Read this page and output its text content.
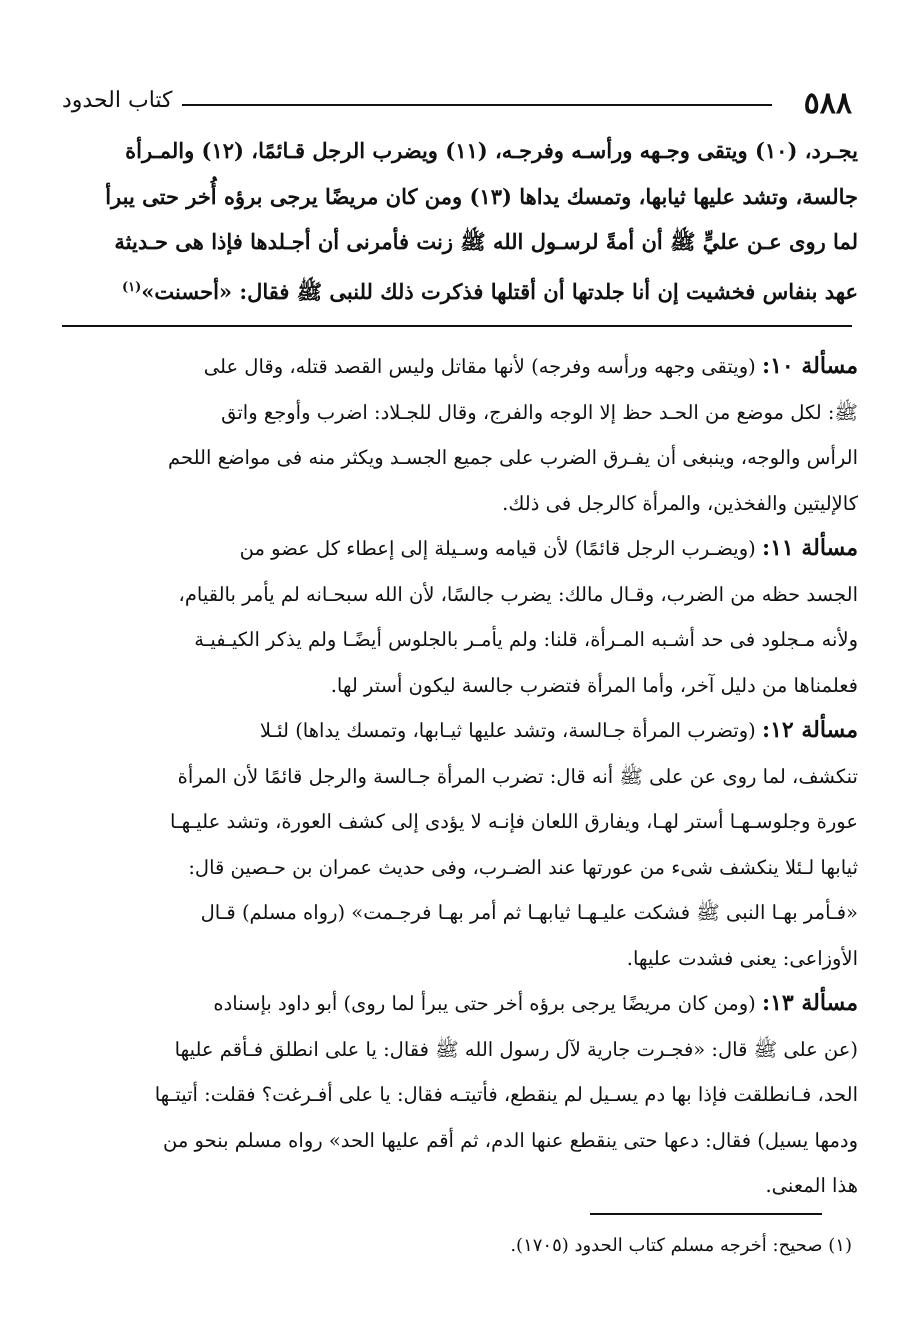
٥٨٨
كتاب الحدود
يجـرد، (١٠) ويتقى وجـهه ورأسـه وفرجـه، (١١) ويضرب الرجل قـائمًا، (١٢) والمـرأة
جالسة، وتشد عليها ثيابها، وتمسك يداها (١٣) ومن كان مريضًا يرجى برؤه أُخر حتى يبرأ
لما روى عـن عليٍّ ﷺ أن أمةً لرسـول الله ﷺ زنت فأمرنى أن أجـلدها فإذا هى حـديثة
عهد بنفاس فخشيت إن أنا جلدتها أن أقتلها فذكرت ذلك للنبى ﷺ فقال: «أحسنت»$^{(١)}$
مسألة ١٠: (ويتقى وجهه ورأسه وفرجه) لأنها مقاتل وليس القصد قتله، وقال على
ﷺ: لكل موضع من الحـد حظ إلا الوجه والفرج، وقال للجـلاد: اضرب وأوجع واتق
الرأس والوجه، وينبغى أن يفـرق الضرب على جميع الجسـد ويكثر منه فى مواضع اللحم
كالإليتين والفخذين، والمرأة كالرجل فى ذلك.
مسألة ١١: (ويضـرب الرجل قائمًا) لأن قيامه وسـيلة إلى إعطاء كل عضو من
الجسد حظه من الضرب، وقـال مالك: يضرب جالسًا، لأن الله سبحـانه لم يأمر بالقيام،
ولأنه مـجلود فى حد أشـبه المـرأة، قلنا: ولم يأمـر بالجلوس أيضًـا ولم يذكر الكيـفيـة
فعلمناها من دليل آخر، وأما المرأة فتضرب جالسة ليكون أستر لها.
مسألة ١٢: (وتضرب المرأة جـالسة، وتشد عليها ثيـابها، وتمسك يداها) لئـلا
تنكشف، لما روى عن على ﷺ أنه قال: تضرب المرأة جـالسة والرجل قائمًا لأن المرأة
عورة وجلوسـهـا أستر لهـا، ويفارق اللعان فإنـه لا يؤدى إلى كشف العورة، وتشد عليـهـا
ثيابها لـئلا ينكشف شىء من عورتها عند الضـرب، وفى حديث عمران بن حـصين قال:
«فـأمر بهـا النبى ﷺ فشكت عليـهـا ثيابهـا ثم أمر بهـا فرجـمت» (رواه مسلم) قـال
الأوزاعى: يعنى فشدت عليها.
مسألة ١٣: (ومن كان مريضًا يرجى برؤه أخر حتى يبرأ لما روى) أبو داود بإسناده
(عن على ﷺ قال: «فجـرت جارية لآل رسول الله ﷺ فقال: يا على انطلق فـأقم عليها
الحد، فـانطلقت فإذا بها دم يسـيل لم ينقطع، فأتيتـه فقال: يا على أفـرغت؟ فقلت: أتيتـها
ودمها يسيل) فقال: دعها حتى ينقطع عنها الدم، ثم أقم عليها الحد» رواه مسلم بنحو من
هذا المعنى.
(١) صحيح: أخرجه مسلم كتاب الحدود (١٧٠٥).
